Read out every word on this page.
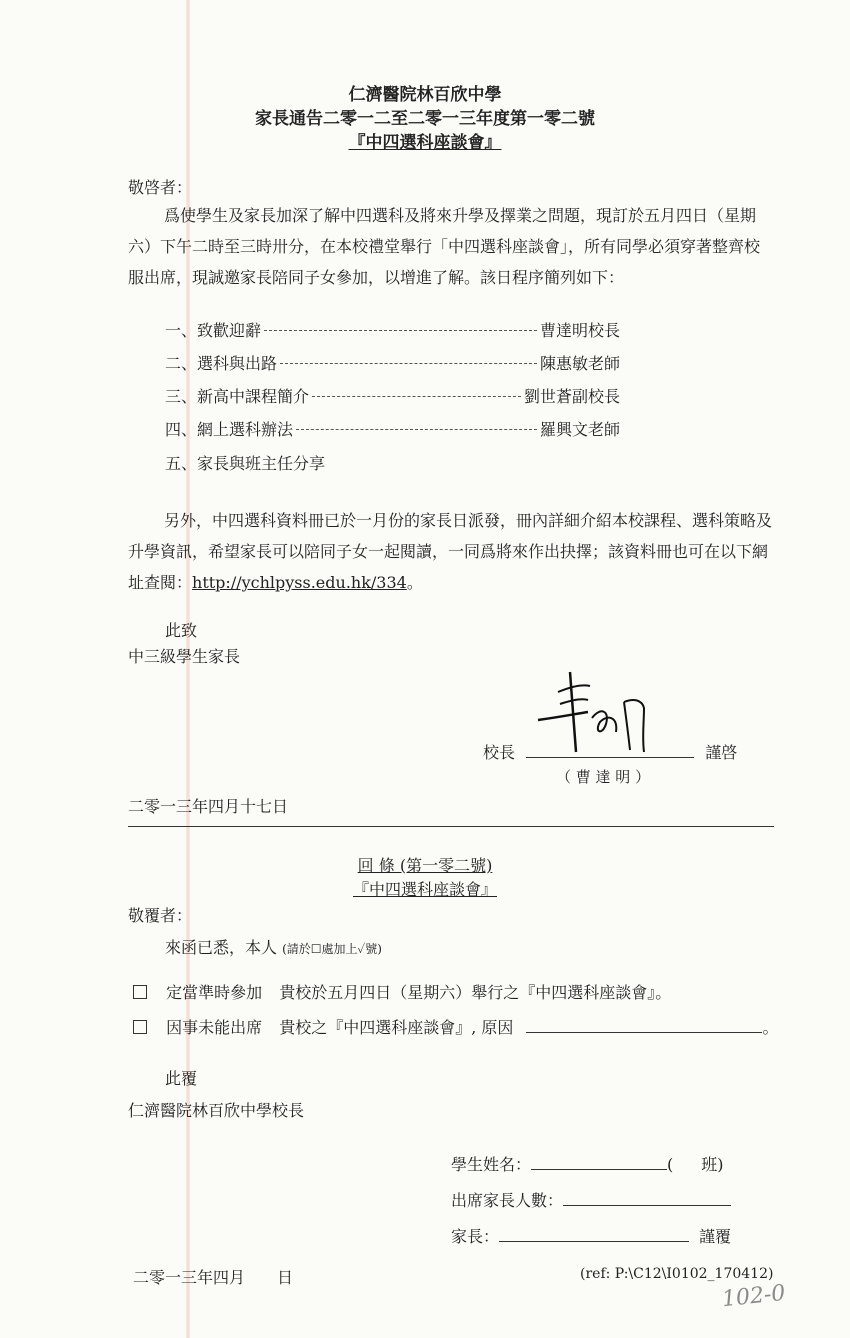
仁濟醫院林百欣中學
家長通告二零一二至二零一三年度第一零二號
『中四選科座談會』
敬啓者：
爲使學生及家長加深了解中四選科及將來升學及擇業之問題，現訂於五月四日（星期六）下午二時至三時卅分，在本校禮堂舉行「中四選科座談會」，所有同學必須穿著整齊校服出席，現誠邀家長陪同子女參加，以增進了解。該日程序簡列如下：
一、致歡迎辭	曹達明校長
二、選科與出路	陳惠敏老師
三、新高中課程簡介	劉世蒼副校長
四、網上選科辦法	羅興文老師
五、家長與班主任分享
另外，中四選科資料冊已於一月份的家長日派發，冊內詳細介紹本校課程、選科策略及升學資訊，希望家長可以陪同子女一起閱讀，一同爲將來作出抉擇；該資料冊也可在以下網址查閱：http://ychlpyss.edu.hk/334。
此致
中三級學生家長
校長	謹啓
（ 曹 達 明 ）
二零一三年四月十七日
回 條 (第一零二號)
『中四選科座談會』
敬覆者：
來函已悉，本人 (請於☐處加上✓號)
定當準時參加 貴校於五月四日（星期六）舉行之『中四選科座談會』。
因事未能出席 貴校之『中四選科座談會』, 原因	。
此覆
仁濟醫院林百欣中學校長
學生姓名：	( 班)
出席家長人數：
家長：	謹覆
二零一三年四月　　日	(ref: P:\C12\I0102_170412)
102-0
